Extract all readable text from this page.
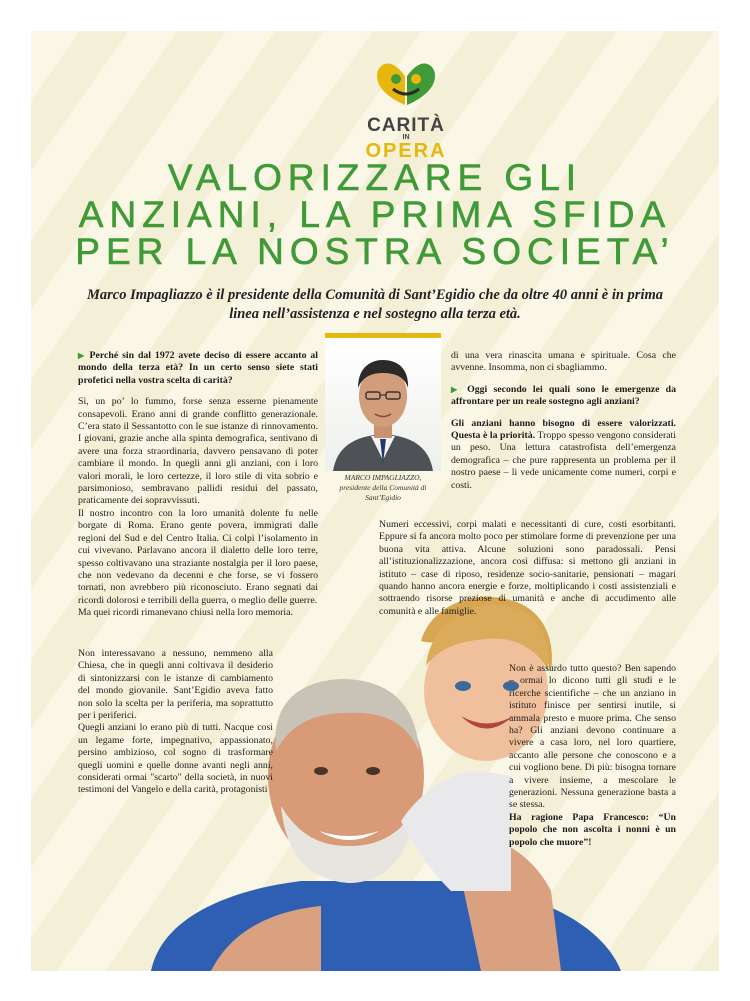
CARITÀ
IN
OPERA
VALORIZZARE GLI ANZIANI, LA PRIMA SFIDA PER LA NOSTRA SOCIETA’
Marco Impagliazzo è il presidente della Comunità di Sant’Egidio che da oltre 40 anni è in prima linea nell’assistenza e nel sostegno alla terza età.
MARCO IMPAGLIAZZO,
presidente della Comunità di Sant’Egidio

▶ Perché sin dal 1972 avete deciso di essere accanto al mondo della terza età? In un certo senso siete stati profetici nella vostra scelta di carità?

Sì, un po’ lo fummo, forse senza esserne pienamente consapevoli. Erano anni di grande conflitto generazionale. C’era stato il Sessantotto con le sue istanze di rinnovamento. I giovani, grazie anche alla spinta demografica, sentivano di avere una forza straordinaria, davvero pensavano di poter cambiare il mondo. In quegli anni gli anziani, con i loro valori morali, le loro certezze, il loro stile di vita sobrio e parsimonioso, sembravano pallidi residui del passato, praticamente dei sopravvissuti.

Il nostro incontro con la loro umanità dolente fu nelle borgate di Roma. Erano gente povera, immigrati dalle regioni del Sud e del Centro Italia. Ci colpì l’isolamento in cui vivevano. Parlavano ancora il dialetto delle loro terre, spesso coltivavano una straziante nostalgia per il loro paese, che non vedevano da decenni e che forse, se vi fossero tornati, non avrebbero più riconosciuto. Erano segnati dai ricordi dolorosi e terribili della guerra, o meglio delle guerre.

Ma quei ricordi rimanevano chiusi nella loro memoria.

Non interessavano a nessuno, nemmeno alla Chiesa, che in quegli anni coltivava il desiderio di sintonizzarsi con le istanze di cambiamento del mondo giovanile. Sant’Egidio aveva fatto non solo la scelta per la periferia, ma soprattutto per i periferici.

Quegli anziani lo erano più di tutti. Nacque così un legame forte, impegnativo, appassionato, persino ambizioso, col sogno di trasformare quegli uomini e quelle donne avanti negli anni, considerati ormai "scarto" della società, in nuovi testimoni del Vangelo e della carità, protagonisti

di una vera rinascita umana e spirituale. Cosa che avvenne. Insomma, non ci sbagliammo.

▶ Oggi secondo lei quali sono le emergenze da affrontare per un reale sostegno agli anziani?

Gli anziani hanno bisogno di essere valorizzati. Questa è la priorità. Troppo spesso vengono considerati un peso. Una lettura catastrofista dell’emergenza demografica – che pure rappresenta un problema per il nostro paese – li vede unicamente come numeri, corpi e costi.

Numeri eccessivi, corpi malati e necessitanti di cure, costi esorbitanti. Eppure si fa ancora molto poco per stimolare forme di prevenzione per una buona vita attiva. Alcune soluzioni sono paradossali. Pensi all’istituzionalizzazione, ancora così diffusa: si mettono gli anziani in istituto – case di riposo, residenze socio-sanitarie, pensionati – magari quando hanno ancora energie e forze, moltiplicando i costi assistenziali e sottraendo risorse preziose di umanità e anche di accudimento alle comunità e alle famiglie.

Non è assurdo tutto questo? Ben sapendo – ormai lo dicono tutti gli studi e le ricerche scientifiche – che un anziano in istituto finisce per sentirsi inutile, si ammala presto e muore prima. Che senso ha? Gli anziani devono continuare a vivere a casa loro, nel loro quartiere, accanto alle persone che conoscono e a cui vogliono bene. Di più: bisogna tornare a vivere insieme, a mescolare le generazioni. Nessuna generazione basta a se stessa.

Ha ragione Papa Francesco: “Un popolo che non ascolta i nonni è un popolo che muore”!
